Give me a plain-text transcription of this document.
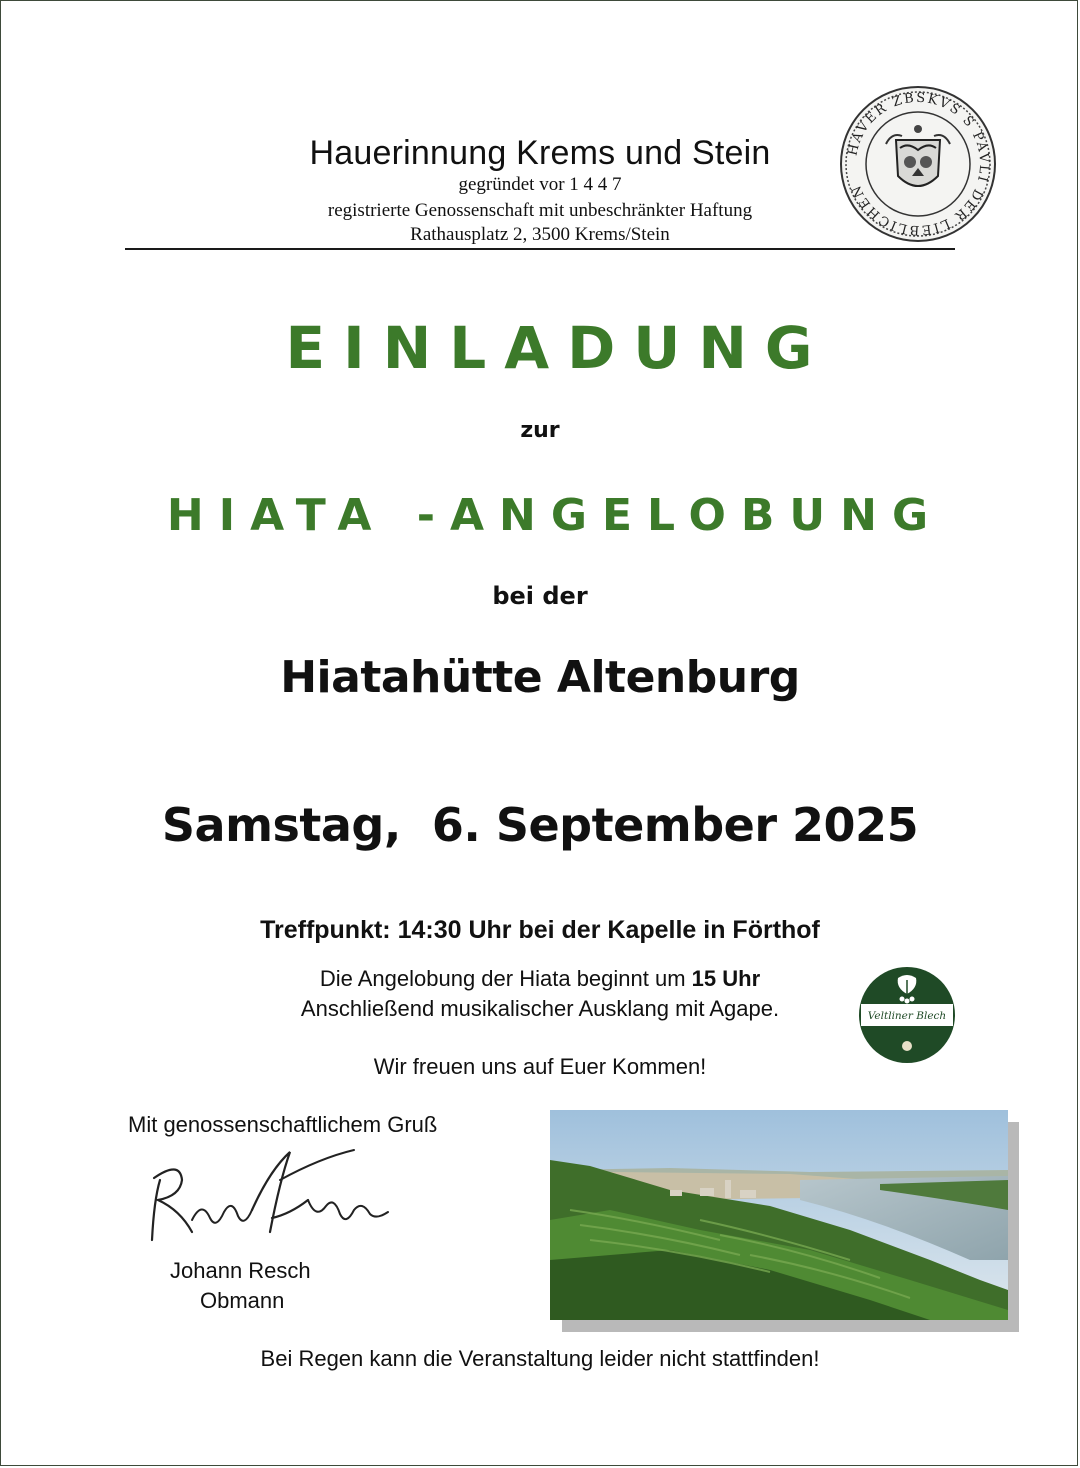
Hauerinnung Krems und Stein
gegründet vor 1 4 4 7
registrierte Genossenschaft mit unbeschränkter Haftung
Rathausplatz 2, 3500 Krems/Stein
HAVER ZBSKVS S PAVLI DER LIEBLICHEN
EINLADUNG
zur
HIATA -ANGELOBUNG
bei der
Hiatahütte Altenburg
Samstag,  6. September 2025
Treffpunkt: 14:30 Uhr bei der Kapelle in Förthof
Die Angelobung der Hiata beginnt um 15 Uhr
Anschließend musikalischer Ausklang mit Agape.
Wir freuen uns auf Euer Kommen!
Veltliner Blech
Mit genossenschaftlichem Gruß
Johann Resch
Obmann
Bei Regen kann die Veranstaltung leider nicht stattfinden!
